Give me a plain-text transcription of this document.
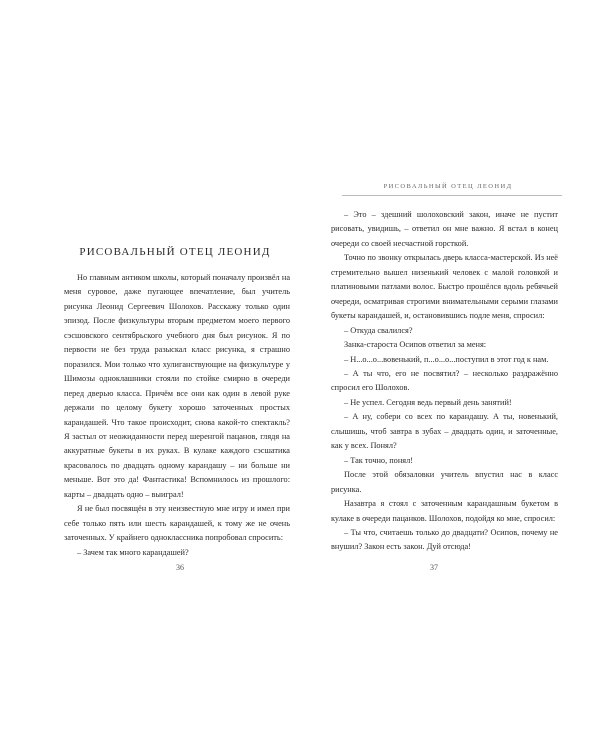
РИСОВАЛЬНЫЙ ОТЕЦ ЛЕОНИД

Но главным антиком школы, который поначалу произвёл на меня суровое, даже пугающее впечатление, был учитель рисунка Леонид Сергеевич Шолохов. Расскажу только один эпизод. После физкультуры вторым предметом моего первого сэсшовского сентябрьского учебного дня был рисунок. Я по первости не без труда разыскал класс рисунка, я страшно поразился. Мои только что хулиганствующие на физкультуре у Шимозы одноклашники стояли по стойке смирно в очереди перед дверью класса. Причём все они как один в левой руке держали по целому букету хорошо заточенных простых карандашей. Что такое происходит, снова какой-то спектакль? Я застыл от неожиданности перед шеренгой пацанов, глядя на аккуратные букеты в их руках. В кулаке каждого сэсшатика красовалось по двадцать одному карандашу – ни больше ни меньше. Вот это да! Фантастика! Вспомнилось из прошлого: карты – двадцать одно – выиграл!

Я не был посвящён в эту неизвестную мне игру и имел при себе только пять или шесть карандашей, к тому же не очень заточенных. У крайнего одноклассника попробовал спросить:

– Зачем так много карандашей?

36
РИСОВАЛЬНЫЙ ОТЕЦ ЛЕОНИД

– Это – здешний шолоховский закон, иначе не пустит рисовать, увидишь, – ответил он мне важно. Я встал в конец очереди со своей несчастной горсткой.

Точно по звонку открылась дверь класса-мастерской. Из неё стремительно вышел низенький человек с малой головкой и платиновыми патлами волос. Быстро прошёлся вдоль ребячьей очереди, осматривая строгими внимательными серыми глазами букеты карандашей, и, остановившись подле меня, спросил:

– Откуда свалился?

Занка-староста Осипов ответил за меня:

– Н...о...о...вовенький, п...о...о...поступил в этот год к нам.

– А ты что, его не посвятил? – несколько раздражённо спросил его Шолохов.

– Не успел. Сегодня ведь первый день занятий!

– А ну, собери со всех по карандашу. А ты, новенький, слышишь, чтоб завтра в зубах – двадцать один, и заточенные, как у всех. Понял?

– Так точно, понял!

После этой обязаловки учитель впустил нас в класс рисунка.

Назавтра я стоял с заточенным карандашным букетом в кулаке в очереди пацанков. Шолохов, подойдя ко мне, спросил:

– Ты что, считаешь только до двадцати? Осипов, почему не внушил? Закон есть закон. Дуй отсюда!

37
